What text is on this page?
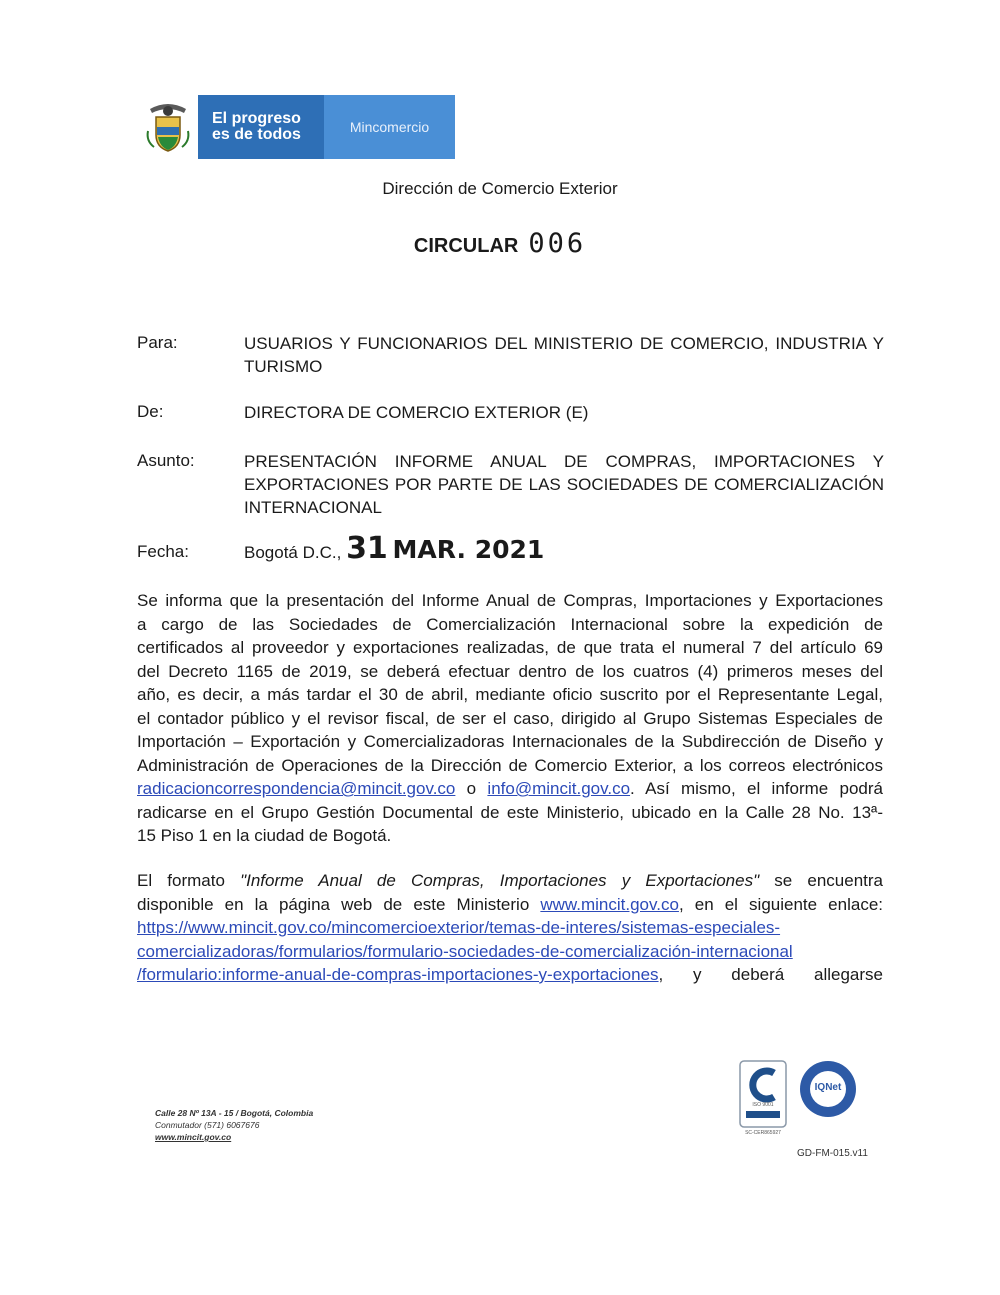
El progreso
es de todos	Mincomercio
Dirección de Comercio Exterior
CIRCULAR 006
Para:	USUARIOS Y FUNCIONARIOS DEL MINISTERIO DE COMERCIO, INDUSTRIA Y
TURISMO
De:	DIRECTORA DE COMERCIO EXTERIOR (E)
Asunto:	PRESENTACIÓN INFORME ANUAL DE COMPRAS, IMPORTACIONES Y
EXPORTACIONES POR PARTE DE LAS SOCIEDADES DE COMERCIALIZACIÓN
INTERNACIONAL
Fecha:	Bogotá D.C., 31 MAR. 2021
Se informa que la presentación del Informe Anual de Compras, Importaciones y Exportaciones
a cargo de las Sociedades de Comercialización Internacional sobre la expedición de
certificados al proveedor y exportaciones realizadas, de que trata el numeral 7 del artículo 69
del Decreto 1165 de 2019, se deberá efectuar dentro de los cuatros (4) primeros meses del
año, es decir, a más tardar el 30 de abril, mediante oficio suscrito por el Representante Legal,
el contador público y el revisor fiscal, de ser el caso, dirigido al Grupo Sistemas Especiales de
Importación – Exportación y Comercializadoras Internacionales de la Subdirección de Diseño y
Administración de Operaciones de la Dirección de Comercio Exterior, a los correos electrónicos
radicacioncorrespondencia@mincit.gov.co o info@mincit.gov.co. Así mismo, el informe podrá
radicarse en el Grupo Gestión Documental de este Ministerio, ubicado en la Calle 28 No. 13ª-
15 Piso 1 en la ciudad de Bogotá.
El formato "Informe Anual de Compras, Importaciones y Exportaciones" se encuentra
disponible en la página web de este Ministerio www.mincit.gov.co, en el siguiente enlace:
https://www.mincit.gov.co/mincomercioexterior/temas-de-interes/sistemas-especiales-
comercializadoras/formularios/formulario-sociedades-de-comercialización-internacional
/formulario:informe-anual-de-compras-importaciones-y-exportaciones, y deberá allegarse
Calle 28 Nº 13A - 15 / Bogotá, Colombia
Conmutador (571) 6067676
www.mincit.gov.co
ISO 9001
SC-CER865927
IQNet
GD-FM-015.v11
